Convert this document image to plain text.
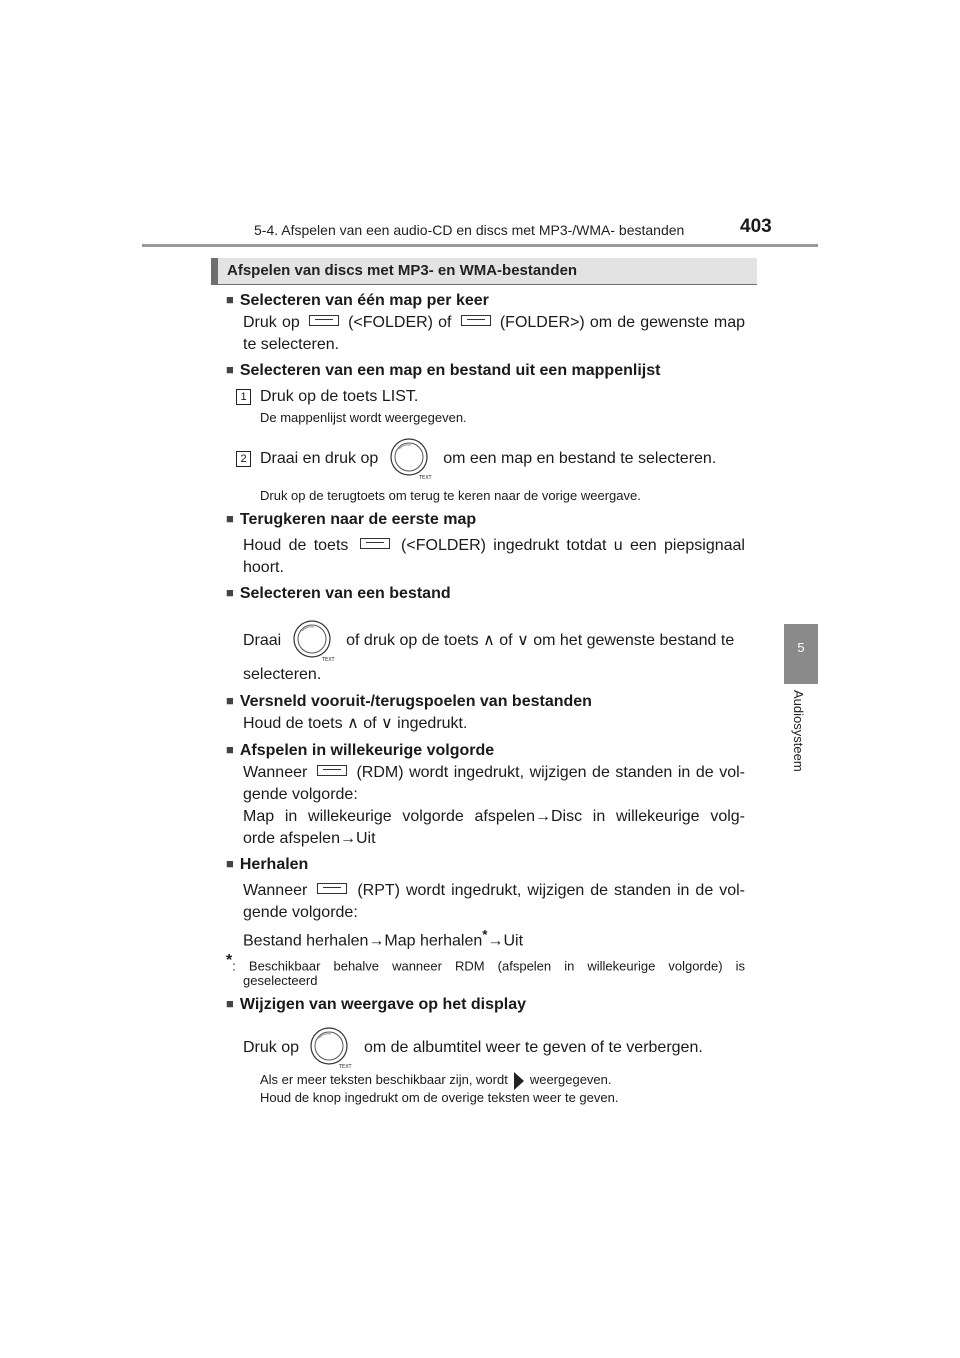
5-4. Afspelen van een audio-CD en discs met MP3-/WMA- bestanden	403
5
Audiosysteem
Afspelen van discs met MP3- en WMA-bestanden
■ Selecteren van één map per keer
Druk op	(<FOLDER) of	(FOLDER>) om de gewenste map
te selecteren.
■ Selecteren van een map en bestand uit een mappenlijst
1 Druk op de toets LIST.
De mappenlijst wordt weergegeven.
2 Draai en druk op
TEXT
om een map en bestand te selecteren.
Druk op de terugtoets om terug te keren naar de vorige weergave.
■ Terugkeren naar de eerste map
Houd de toets	(<FOLDER) ingedrukt totdat u een piepsignaal
hoort.
■ Selecteren van een bestand
Draai
TEXT
of druk op de toets ∧ of ∨ om het gewenste bestand te
selecteren.
■ Versneld vooruit-/terugspoelen van bestanden
Houd de toets ∧ of ∨ ingedrukt.
■ Afspelen in willekeurige volgorde
Wanneer	(RDM) wordt ingedrukt, wijzigen de standen in de vol-
gende volgorde:
Map in willekeurige volgorde afspelen→Disc in willekeurige volg-
orde afspelen→Uit
■ Herhalen
Wanneer	(RPT) wordt ingedrukt, wijzigen de standen in de vol-
gende volgorde:
Bestand herhalen→Map herhalen*→Uit
*: Beschikbaar behalve wanneer RDM (afspelen in willekeurige volgorde) is
geselecteerd
■ Wijzigen van weergave op het display
Druk op
TEXT
om de albumtitel weer te geven of te verbergen.
Als er meer teksten beschikbaar zijn, wordt weergegeven.
Houd de knop ingedrukt om de overige teksten weer te geven.
